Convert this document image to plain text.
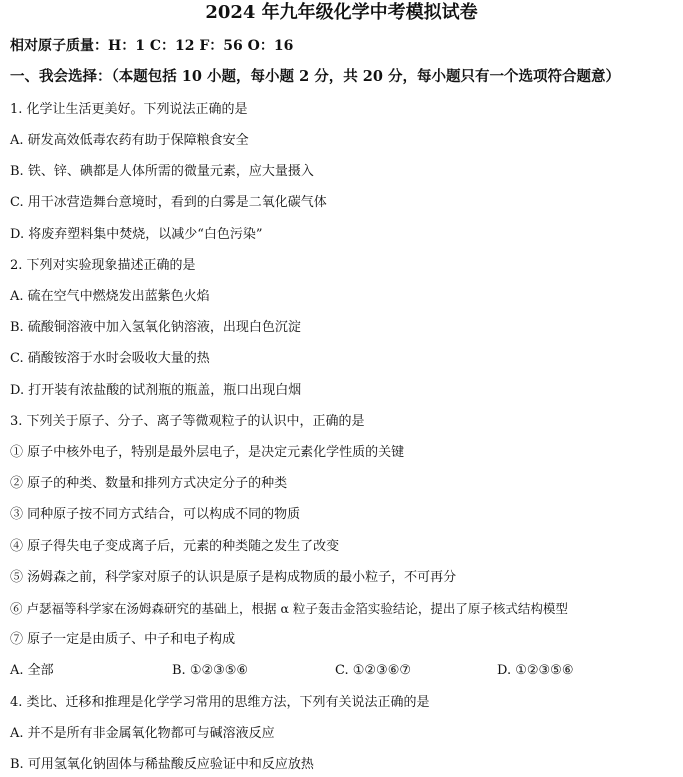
2024 年九年级化学中考模拟试卷
相对原子质量：H：1 C：12 F：56 O：16
一、我会选择：（本题包括 10 小题，每小题 2 分，共 20 分，每小题只有一个选项符合题意）
1. 化学让生活更美好。下列说法正确的是
A. 研发高效低毒农药有助于保障粮食安全
B. 铁、锌、碘都是人体所需的微量元素，应大量摄入
C. 用干冰营造舞台意境时，看到的白雾是二氧化碳气体
D. 将废弃塑料集中焚烧，以减少“白色污染”
2. 下列对实验现象描述正确的是
A. 硫在空气中燃烧发出蓝紫色火焰
B. 硫酸铜溶液中加入氢氧化钠溶液，出现白色沉淀
C. 硝酸铵溶于水时会吸收大量的热
D. 打开装有浓盐酸的试剂瓶的瓶盖，瓶口出现白烟
3. 下列关于原子、分子、离子等微观粒子的认识中，正确的是
① 原子中核外电子，特别是最外层电子，是决定元素化学性质的关键
② 原子的种类、数量和排列方式决定分子的种类
③ 同种原子按不同方式结合，可以构成不同的物质
④ 原子得失电子变成离子后，元素的种类随之发生了改变
⑤ 汤姆森之前，科学家对原子的认识是原子是构成物质的最小粒子，不可再分
⑥ 卢瑟福等科学家在汤姆森研究的基础上，根据 α 粒子轰击金箔实验结论，提出了原子核式结构模型
⑦ 原子一定是由质子、中子和电子构成
A. 全部	B. ①②③⑤⑥	C. ①②③⑥⑦	D. ①②③⑤⑥
4. 类比、迁移和推理是化学学习常用的思维方法，下列有关说法正确的是
A. 并不是所有非金属氧化物都可与碱溶液反应
B. 可用氢氧化钠固体与稀盐酸反应验证中和反应放热
